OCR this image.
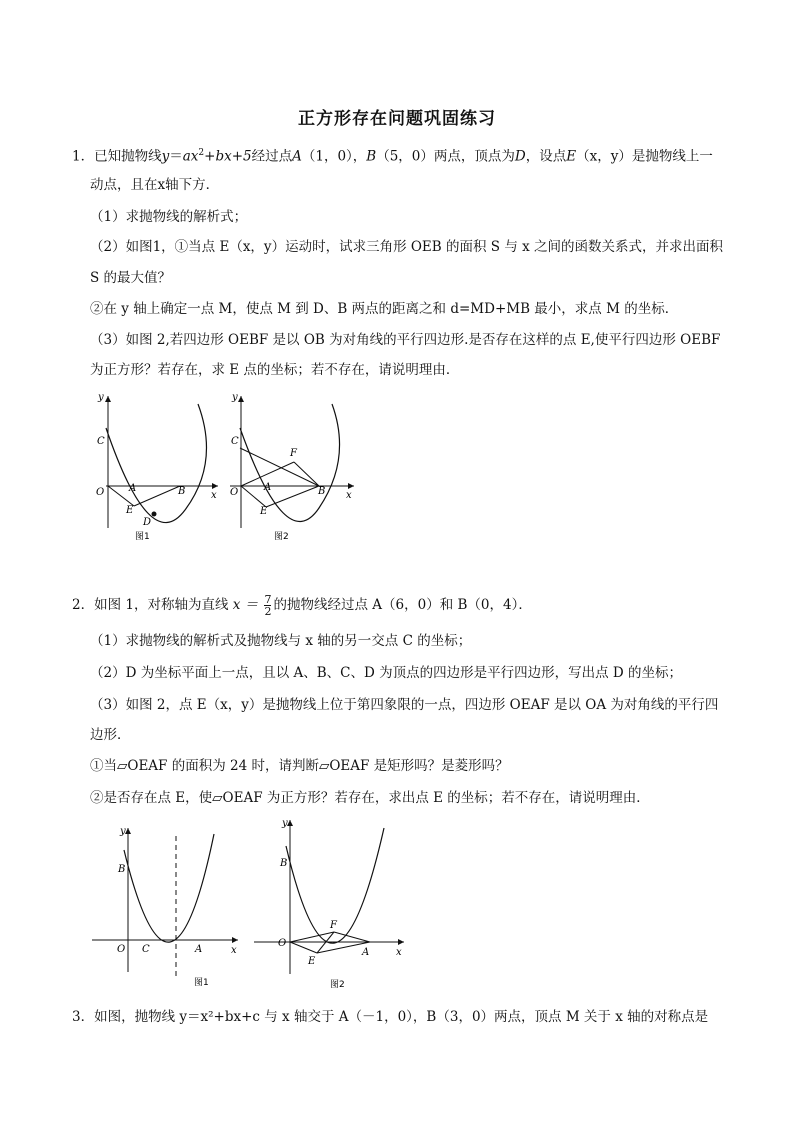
正方形存在问题巩固练习
1．已知抛物线$y=ax^2+bx+5$经过点A（1，0），B（5，0）两点，顶点为D，设点E（x，y）是抛物线上一
动点，且在x轴下方．
（1）求抛物线的解析式；
（2）如图1，①当点 E（x，y）运动时，试求三角形 OEB 的面积 S 与 x 之间的函数关系式，并求出面积
S 的最大值？
②在 y 轴上确定一点 M，使点 M 到 D、B 两点的距离之和 d=MD+MB 最小，求点 M 的坐标．
（3）如图 2,若四边形 OEBF 是以 OB 为对角线的平行四边形.是否存在这样的点 E,使平行四边形 OEBF
为正方形？若存在，求 E 点的坐标；若不存在，请说明理由．
y
x
O A	B
C
D
E
图1
y
x
O	A	B
C
E
F
图2
2．如图 1，对称轴为直线 $x = \frac{7}{2}$ 的抛物线经过点 A（6，0）和 B（0，4）．
（1）求抛物线的解析式及抛物线与 x 轴的另一交点 C 的坐标；
（2）D 为坐标平面上一点，且以 A、B、C、D 为顶点的四边形是平行四边形，写出点 D 的坐标；
（3）如图 2，点 E（x，y）是抛物线上位于第四象限的一点，四边形 OEAF 是以 OA 为对角线的平行四
边形．
①当▱OEAF 的面积为 24 时，请判断▱OEAF 是矩形吗？是菱形吗？
②是否存在点 E，使▱OEAF 为正方形？若存在，求出点 E 的坐标；若不存在，请说明理由．
y
x
O C	A
B
图1
y
x
O
B
E
F
A
图2
3．如图，抛物线 y＝x²+bx+c 与 x 轴交于 A（－1，0），B（3，0）两点，顶点 M 关于 x 轴的对称点是
